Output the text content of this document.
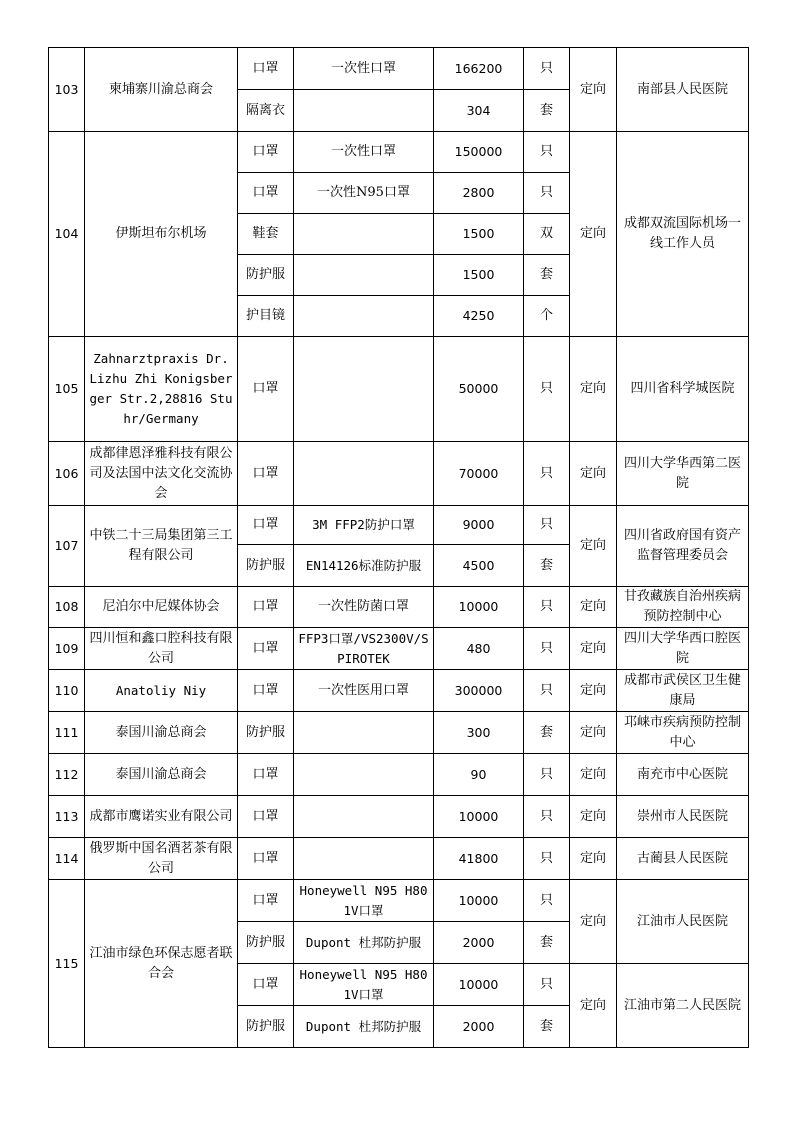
103	柬埔寨川渝总商会	口罩	一次性口罩	166200	只	定向	南部县人民医院
		隔离衣		304	套		
104	伊斯坦布尔机场	口罩	一次性口罩	150000	只	定向	成都双流国际机场一线工作人员
		口罩	一次性N95口罩	2800	只		
		鞋套		1500	双		
		防护服		1500	套		
		护目镜		4250	个		
105	Zahnarztpraxis Dr. Lizhu Zhi Konigsberger Str.2,28816 Stuhr/Germany	口罩		50000	只	定向	四川省科学城医院
106	成都律恩泽雅科技有限公司及法国中法文化交流协会	口罩		70000	只	定向	四川大学华西第二医院
107	中铁二十三局集团第三工程有限公司	口罩	3M FFP2防护口罩	9000	只	定向	四川省政府国有资产监督管理委员会
		防护服	EN14126标准防护服	4500	套		
108	尼泊尔中尼媒体协会	口罩	一次性防菌口罩	10000	只	定向	甘孜藏族自治州疾病预防控制中心
109	四川恒和鑫口腔科技有限公司	口罩	FFP3口罩/VS2300V/SPIROTEK	480	只	定向	四川大学华西口腔医院
110	Anatoliy Niy	口罩	一次性医用口罩	300000	只	定向	成都市武侯区卫生健康局
111	泰国川渝总商会	防护服		300	套	定向	邛崃市疾病预防控制中心
112	泰国川渝总商会	口罩		90	只	定向	南充市中心医院
113	成都市鹰诺实业有限公司	口罩		10000	只	定向	崇州市人民医院
114	俄罗斯中国名酒茗茶有限公司	口罩		41800	只	定向	古蔺县人民医院
115	江油市绿色环保志愿者联合会	口罩	Honeywell N95 H801V口罩	10000	只	定向	江油市人民医院
		防护服	Dupont 杜邦防护服	2000	套		
		口罩	Honeywell N95 H801V口罩	10000	只	定向	江油市第二人民医院
		防护服	Dupont 杜邦防护服	2000	套		
